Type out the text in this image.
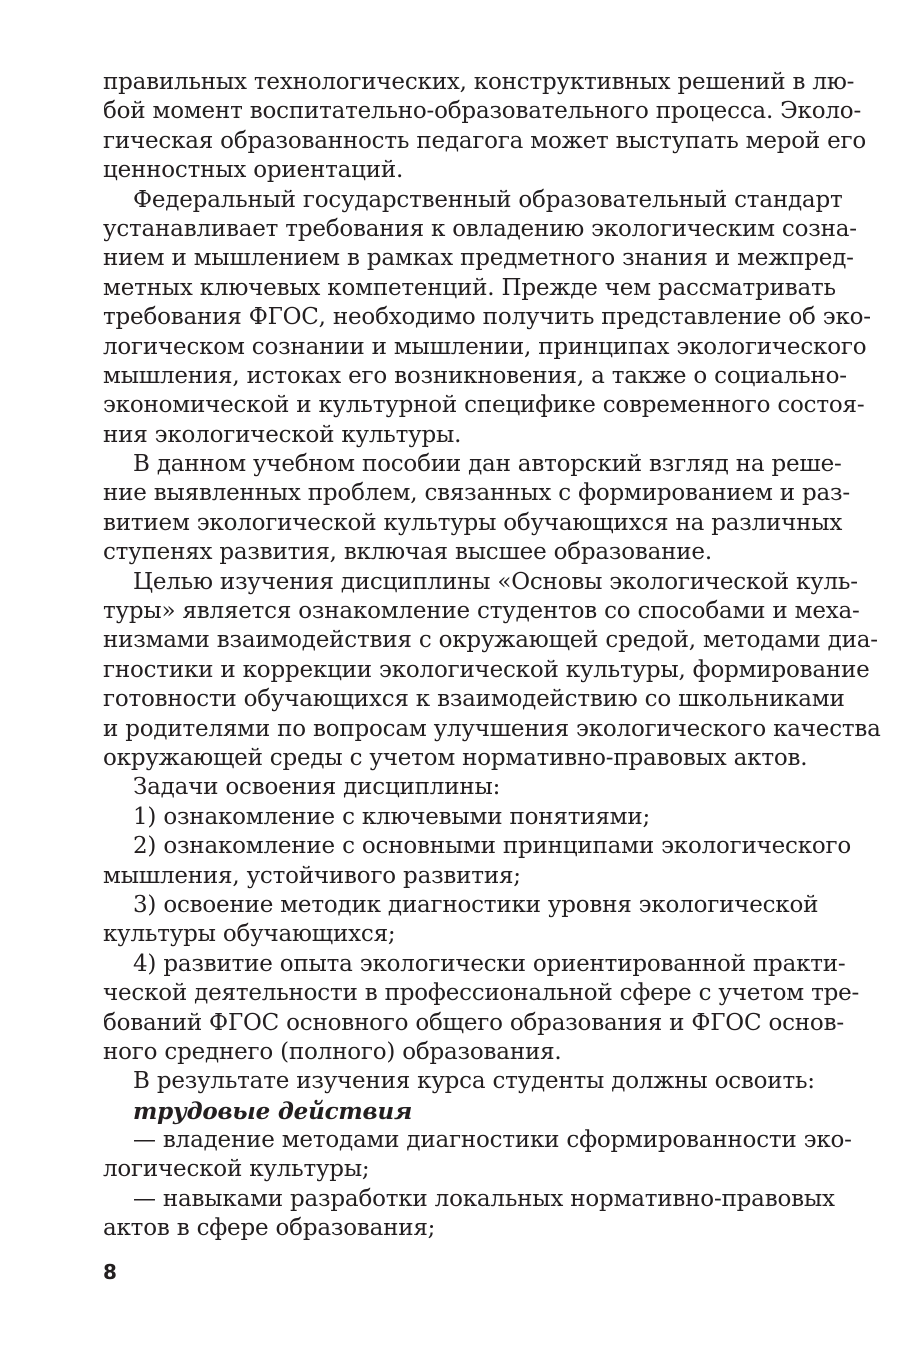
правильных технологических, конструктивных решений в лю-
бой момент воспитательно-образовательного процесса. Эколо-
гическая образованность педагога может выступать мерой его
ценностных ориентаций.
Федеральный государственный образовательный стандарт
устанавливает требования к овладению экологическим созна-
нием и мышлением в рамках предметного знания и межпред-
метных ключевых компетенций. Прежде чем рассматривать
требования ФГОС, необходимо получить представление об эко-
логическом сознании и мышлении, принципах экологического
мышления, истоках его возникновения, а также о социально-
экономической и культурной специфике современного состоя-
ния экологической культуры.
В данном учебном пособии дан авторский взгляд на реше-
ние выявленных проблем, связанных с формированием и раз-
витием экологической культуры обучающихся на различных
ступенях развития, включая высшее образование.
Целью изучения дисциплины «Основы экологической куль-
туры» является ознакомление студентов со способами и меха-
низмами взаимодействия с окружающей средой, методами диа-
гностики и коррекции экологической культуры, формирование
готовности обучающихся к взаимодействию со школьниками
и родителями по вопросам улучшения экологического качества
окружающей среды с учетом нормативно-правовых актов.
Задачи освоения дисциплины:
1) ознакомление с ключевыми понятиями;
2) ознакомление с основными принципами экологического
мышления, устойчивого развития;
3) освоение методик диагностики уровня экологической
культуры обучающихся;
4) развитие опыта экологически ориентированной практи-
ческой деятельности в профессиональной сфере с учетом тре-
бований ФГОС основного общего образования и ФГОС основ-
ного среднего (полного) образования.
В результате изучения курса студенты должны освоить:
трудовые действия
— владение методами диагностики сформированности эко-
логической культуры;
— навыками разработки локальных нормативно-правовых
актов в сфере образования;
8
